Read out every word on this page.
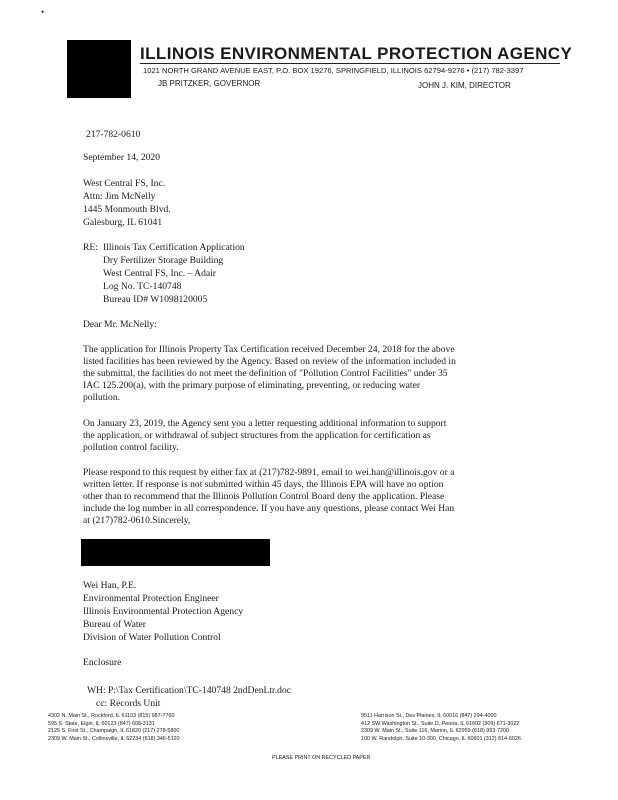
•
ILLINOIS ENVIRONMENTAL PROTECTION AGENCY
1021 NORTH GRAND AVENUE EAST, P.O. BOX 19276, SPRINGFIELD, ILLINOIS 62794-9276 • (217) 782-3397
JB PRITZKER, GOVERNOR	JOHN J. KIM, DIRECTOR
217-782-0610
September 14, 2020
West Central FS, Inc.
Attn: Jim McNelly
1445 Monmouth Blvd.
Galesburg, IL 61041
RE: Illinois Tax Certification Application
Dry Fertilizer Storage Building
West Central FS, Inc. – Adair
Log No. TC-140748
Bureau ID# W1098120005
Dear Mr. McNelly:
The application for Illinois Property Tax Certification received December 24, 2018 for the above
listed facilities has been reviewed by the Agency. Based on review of the information included in
the submittal, the facilities do not meet the definition of "Pollution Control Facilities" under 35
IAC 125.200(a), with the primary purpose of eliminating, preventing, or reducing water
pollution.
On January 23, 2019, the Agency sent you a letter requesting additional information to support
the application, or withdrawal of subject structures from the application for certification as
pollution control facility.
Please respond to this request by either fax at (217)782-9891, email to wei.han@illinois.gov or a
written letter. If response is not submitted within 45 days, the Illinois EPA will have no option
other than to recommend that the Illinois Pollution Control Board deny the application. Please
include the log number in all correspondence. If you have any questions, please contact Wei Han
at (217)782-0610.Sincerely,
Wei Han, P.E.
Environmental Protection Engineer
Illinois Environmental Protection Agency
Bureau of Water
Division of Water Pollution Control
Enclosure
WH: P:\Tax Certification\TC-140748 2ndDenLtr.doc
cc: Records Unit
4302 N. Main St., Rockford, IL 61103 (815) 987-7760
595 S. State, Elgin, IL 60123 (847) 608-3131
2125 S. First St., Champaign, IL 61820 (217) 278-5800
2309 W. Main St., Collinsville, IL 62234 (618) 346-5120
9511 Harrison St., Des Plaines, IL 60016 (847) 294-4000
412 SW Washington St., Suite D, Peoria, IL 61602 (309) 671-3022
2309 W. Main St., Suite 116, Marion, IL 62959 (618) 993-7200
100 W. Randolph, Suite 10-300, Chicago, IL 60601 (312) 814-6026
PLEASE PRINT ON RECYCLED PAPER
